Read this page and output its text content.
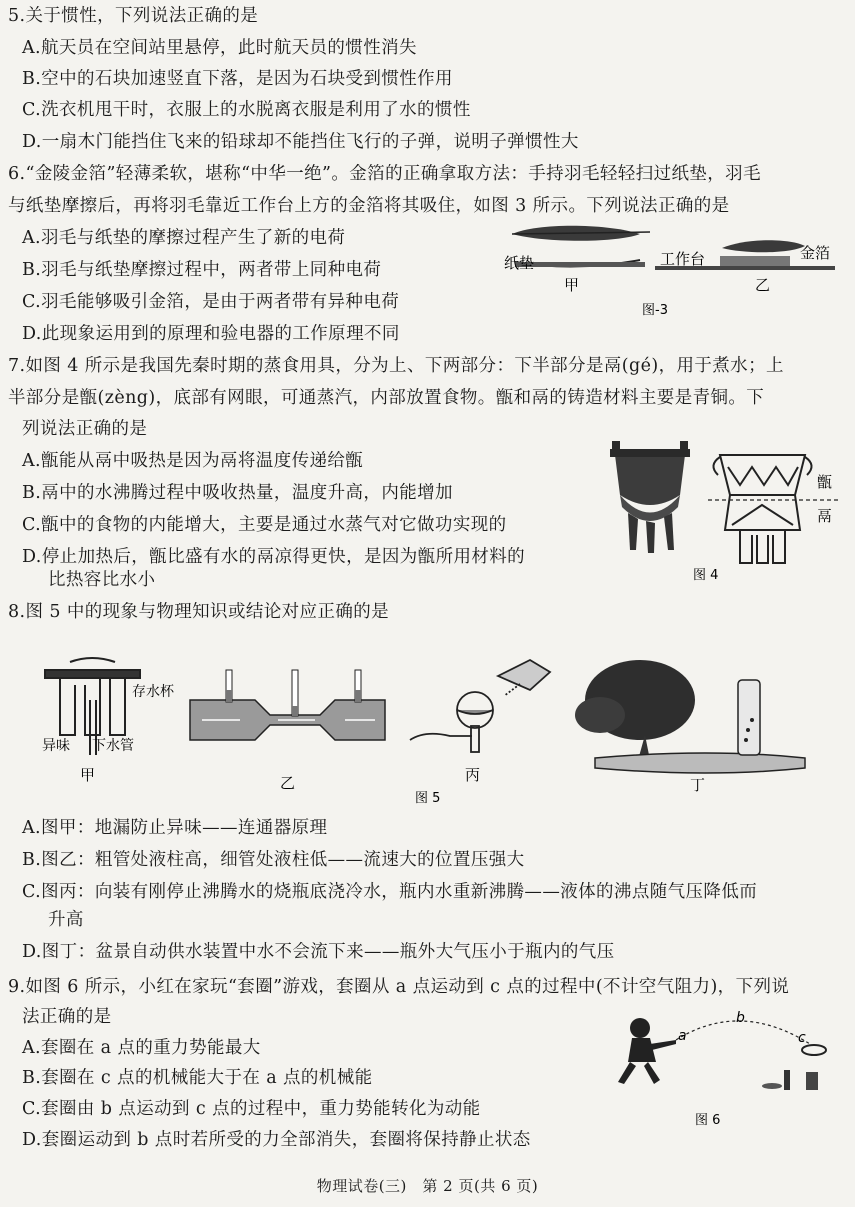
5.关于惯性，下列说法正确的是
A.航天员在空间站里悬停，此时航天员的惯性消失
B.空中的石块加速竖直下落，是因为石块受到惯性作用
C.洗衣机甩干时，衣服上的水脱离衣服是利用了水的惯性
D.一扇木门能挡住飞来的铅球却不能挡住飞行的子弹，说明子弹惯性大
6.“金陵金箔”轻薄柔软，堪称“中华一绝”。金箔的正确拿取方法：手持羽毛轻轻扫过纸垫，羽毛
与纸垫摩擦后，再将羽毛靠近工作台上方的金箔将其吸住，如图 3 所示。下列说法正确的是
A.羽毛与纸垫的摩擦过程产生了新的电荷
B.羽毛与纸垫摩擦过程中，两者带上同种电荷
C.羽毛能够吸引金箔，是由于两者带有异种电荷
D.此现象运用到的原理和验电器的工作原理不同
纸垫
甲
工作台	金箔
乙
图-3
7.如图 4 所示是我国先秦时期的蒸食用具，分为上、下两部分：下半部分是鬲(gé)，用于煮水；上
半部分是甑(zèng)，底部有网眼，可通蒸汽，内部放置食物。甑和鬲的铸造材料主要是青铜。下
列说法正确的是
A.甑能从鬲中吸热是因为鬲将温度传递给甑
B.鬲中的水沸腾过程中吸收热量，温度升高，内能增加
C.甑中的食物的内能增大，主要是通过水蒸气对它做功实现的
D.停止加热后，甑比盛有水的鬲凉得更快，是因为甑所用材料的
比热容比水小
甑
鬲
图 4
8.图 5 中的现象与物理知识或结论对应正确的是
存水杯
异味 下水管
甲	乙	丙
丁
图 5
A.图甲：地漏防止异味——连通器原理
B.图乙：粗管处液柱高，细管处液柱低——流速大的位置压强大
C.图丙：向装有刚停止沸腾水的烧瓶底浇冷水，瓶内水重新沸腾——液体的沸点随气压降低而
升高
D.图丁：盆景自动供水装置中水不会流下来——瓶外大气压小于瓶内的气压
9.如图 6 所示，小红在家玩“套圈”游戏，套圈从 a 点运动到 c 点的过程中(不计空气阻力)，下列说
法正确的是
A.套圈在 a 点的重力势能最大
B.套圈在 c 点的机械能大于在 a 点的机械能
C.套圈由 b 点运动到 c 点的过程中，重力势能转化为动能
D.套圈运动到 b 点时若所受的力全部消失，套圈将保持静止状态
a
b
c
图 6
物理试卷(三)　第 2 页(共 6 页)
